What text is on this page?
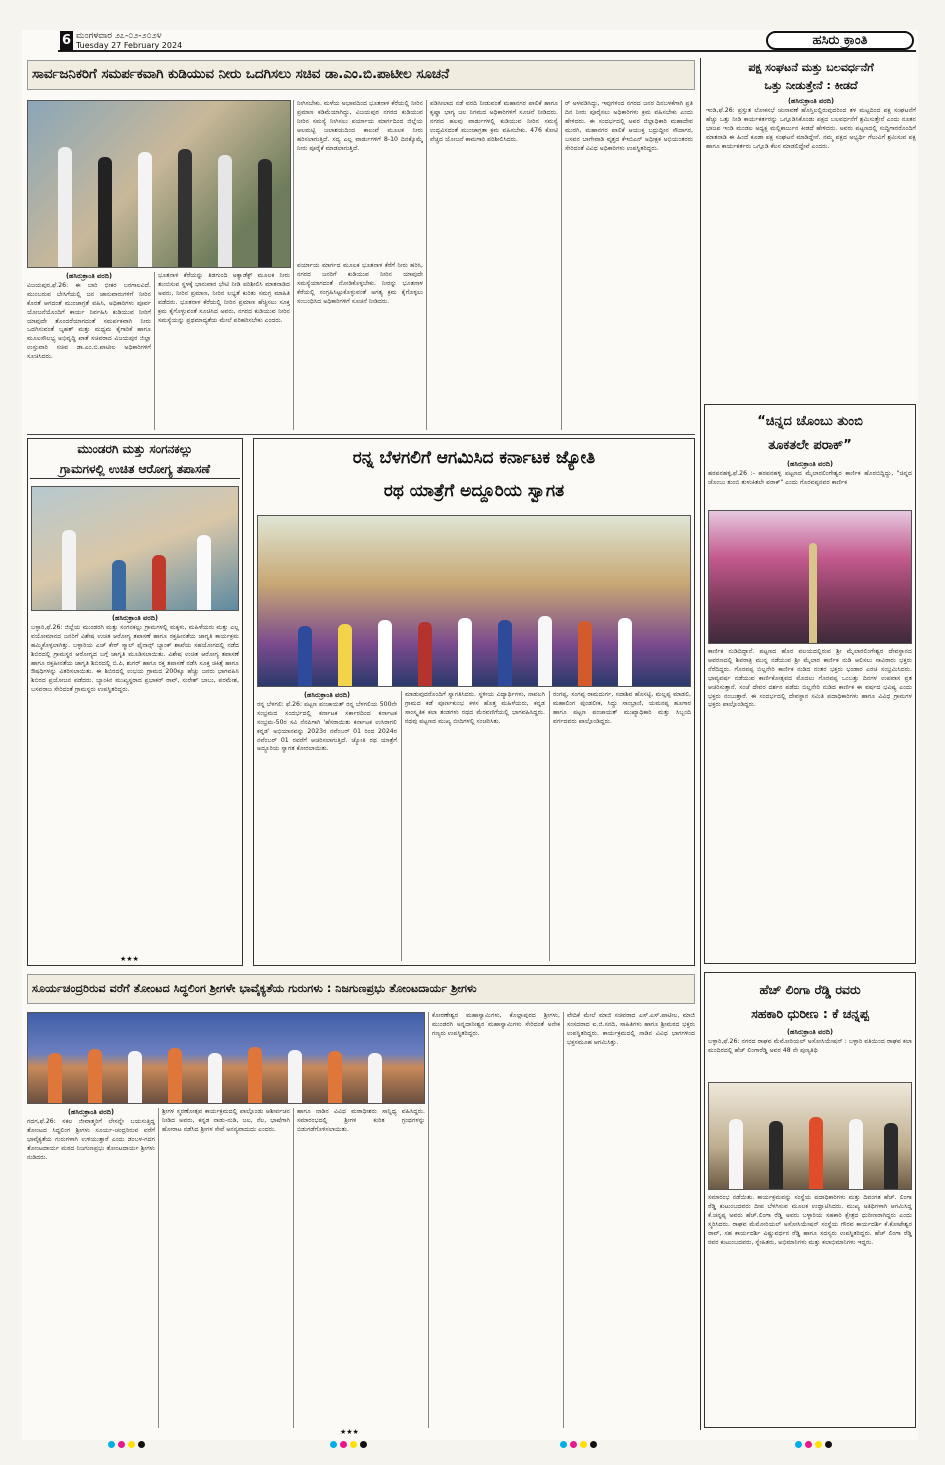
6 ಮಂಗಳವಾರ ೨೭-೦೨-೨೦೨೪
Tuesday 27 February 2024	ಹಸಿರು ಕ್ರಾಂತಿ
ಸಾರ್ವಜನಿಕರಿಗೆ ಸಮರ್ಪಕವಾಗಿ ಕುಡಿಯುವ ನೀರು ಒದಗಿಸಲು ಸಚಿವ ಡಾ.ಎಂ.ಬಿ.ಪಾಟೀಲ ಸೂಚನೆ
(ಹಸಿರುಕ್ರಾಂತಿ ವರದಿ)
ವಿಜಯಪುರ,ಫೆ.26: ಈ ಬಾರಿ ಭೀಕರ ಬರಗಾಲವಿದೆ. ಮುಂಬರುವ ಬೇಸಿಗೆಯಲ್ಲಿ ಜನ ಜಾನುವಾರುಗಳಿಗೆ ನೀರಿನ ಕೊರತೆ ಆಗದಂತೆ ಮುಂಜಾಗ್ರತೆ ವಹಿಸಿ, ಅಧಿಕಾರಿಗಳು ಪೂರ್ವ ಯೋಜನೆಯೊಂದಿಗೆ ಕಾರ್ಯ ನಿರ್ವಹಿಸಿ ಕುಡಿಯುವ ನೀರಿಗೆ ಯಾವುದೇ ತೊಂದರೆಯಾಗದಂತೆ ಸಮರ್ಪಕವಾಗಿ ನೀರು ಒದಗಿಸುವಂತೆ ಬೃಹತ್ ಮತ್ತು ಮಧ್ಯಮ ಕೈಗಾರಿಕೆ ಹಾಗೂ ಮೂಲಸೌಲಭ್ಯ ಅಭಿವೃದ್ಧಿ ಖಾತೆ ಸಚಿವರಾದ ವಿಜಯಪುರ ಜಿಲ್ಲಾ ಉಸ್ತುವಾರಿ ಸಚಿವ ಡಾ.ಎಂ.ಬಿ.ಪಾಟೀಲ ಅಧಿಕಾರಿಗಳಿಗೆ ಸೂಚಿಸಿದರು.
ಭೂತನಾಳ ಕೆರೆಯನ್ನು ತಿಡಗುಂದಿ ಅಕ್ವಾಡೆಕ್ಟ್ ಮೂಲಕ ನೀರು ತುಂಬಿಸುವ ಸ್ಥಳಕ್ಕೆ ಭಾನುವಾರ ಭೇಟಿ ನೀಡಿ ಪರಿಶೀಲಿಸಿ ಮಾತನಾಡಿದ ಅವರು, ನೀರಿನ ಪ್ರಮಾಣ, ನೀರಿನ ಲಭ್ಯತೆ ಕುರಿತು ಸಮಗ್ರ ಮಾಹಿತಿ ಪಡೆದರು. ಭೂತನಾಳ ಕೆರೆಯಲ್ಲಿ ನೀರಿನ ಪ್ರಮಾಣ ಹೆಚ್ಚಿಸಲು ಸೂಕ್ತ ಕ್ರಮ ಕೈಗೊಳ್ಳುವಂತೆ ಸೂಚಿಸಿದ ಅವರು, ನಗರದ ಕುಡಿಯುವ ನೀರಿನ ಸಮಸ್ಯೆಯನ್ನು ಪ್ರಥಮಾದ್ಯತೆಯ ಮೇಲೆ ಪರಿಹರಿಸಬೇಕು ಎಂದರು.
ನೀಗಿಸಬೇಕು. ಮಳೆಯ ಅಭಾವದಿಂದ ಭೂತನಾಳ ಕೆರೆಯಲ್ಲಿ ನೀರಿನ ಪ್ರಮಾಣ ಕಡಿಮೆಯಾಗಿದ್ದು, ವಿಜಯಪುರ ನಗರದ ಕುಡಿಯುವ ನೀರಿನ ಸಮಸ್ಯೆ ನೀಗಿಸಲು ಪರ್ಯಾಯ ಮಾರ್ಗದಿಂದ ಜಿಲ್ಲೆಯ ಆಲಮಟ್ಟಿ ಜಲಾಶಯದಿಂದ ಕಾಲುವೆ ಮೂಲಕ ನೀರು ಹರಿಸಲಾಗುತ್ತಿದೆ. ಸದ್ಯ ಎಲ್ಲ ವಾರ್ಡುಗಳಿಗೆ 8-10 ದಿನಕ್ಕೊಮ್ಮೆ ನೀರು ಪೂರೈಕೆ ಮಾಡಲಾಗುತ್ತಿದೆ.
ಪರ್ಯಾಯ ಮಾರ್ಗದ ಮೂಲಕ ಭೂತನಾಳ ಕೆರೆಗೆ ನೀರು ಹರಿಸಿ, ನಗರದ ಜನರಿಗೆ ಕುಡಿಯುವ ನೀರಿನ ಯಾವುದೇ ಸಮಸ್ಯೆಯಾಗದಂತೆ ನೋಡಿಕೊಳ್ಳಬೇಕು. ನೀರನ್ನು ಭೂತನಾಳ ಕೆರೆಯಲ್ಲಿ ಸಂಗ್ರಹಿಸಿಟ್ಟುಕೊಳ್ಳುವಂತೆ ಅಗತ್ಯ ಕ್ರಮ ಕೈಗೊಳ್ಳಲು ಸಂಬಂಧಿಸಿದ ಅಧಿಕಾರಿಗಳಿಗೆ ಸೂಚನೆ ನೀಡಿದರು.
ಪಡಿಸೀಲಾದ ನಡೆ ವರದಿ ನೀಡುವಂತೆ ಮಹಾನಗರ ಪಾಲಿಕೆ ಹಾಗೂ ಕೃಷ್ಣಾ ಭಾಗ್ಯ ಜಲ ನಿಗಮದ ಅಧಿಕಾರಿಗಳಿಗೆ ಸೂಚನೆ ನೀಡಿದರು. ನಗರದ ಹಲವು ವಾರ್ಡುಗಳಲ್ಲಿ ಕುಡಿಯುವ ನೀರಿನ ಸಮಸ್ಯೆ ಉದ್ಭವಿಸದಂತೆ ಮುಂಜಾಗ್ರತಾ ಕ್ರಮ ವಹಿಸಬೇಕು. 476 ಕೋಟಿ ವೆಚ್ಚದ ಯೋಜನೆ ಕಾಮಗಾರಿ ಪರಿಶೀಲಿಸಿದರು.
ರ್ ಅಳವಡಿಸಿದ್ದು, ಇವುಗಳಿಂದ ನಗರದ ಜನರ ದಿನಬಳಕೆಗಾಗಿ ಪ್ರತಿ ದಿನ ನೀರು ಪೂರೈಸಲು ಅಧಿಕಾರಿಗಳು ಕ್ರಮ ವಹಿಸಬೇಕು ಎಂದು ಹೇಳಿದರು. ಈ ಸಂದರ್ಭದಲ್ಲಿ ಅಪರ ಜಿಲ್ಲಾಧಿಕಾರಿ ಮಹಾದೇವ ಮುರಗಿ, ಮಹಾನಗರ ಪಾಲಿಕೆ ಆಯುಕ್ತ ಬದ್ರುದ್ದೀನ ಸೌದಾಗರ, ಬಸವನ ಬಾಗೇವಾಡಿ ವೃತ್ತದ ಕೆಇಬಿಎನ್ ಅಧೀಕ್ಷಕ ಅಭಿಯಂತರರು ಸೇರಿದಂತೆ ವಿವಿಧ ಅಧಿಕಾರಿಗಳು ಉಪಸ್ಥಿತರಿದ್ದರು.
ಮುಂಡರಗಿ ಮತ್ತು ಸಂಗನಕಲ್ಲು
ಗ್ರಾಮಗಳಲ್ಲಿ ಉಚಿತ ಆರೋಗ್ಯ ತಪಾಸಣೆ
(ಹಸಿರುಕ್ರಾಂತಿ ವರದಿ)
ಬಳ್ಳಾರಿ,ಫೆ.26: ಜಿಲ್ಲೆಯ ಮುಂಡರಗಿ ಮತ್ತು ಸಂಗನಕಲ್ಲು ಗ್ರಾಮಗಳಲ್ಲಿ ಮಕ್ಕಳು, ಮಹಿಳೆಯರು ಮತ್ತು ಎಲ್ಲ ವಯೋಮಾನದ ಜನರಿಗೆ ವಿಶೇಷ ಉಚಿತ ಆರೋಗ್ಯ ತಪಾಸಣೆ ಹಾಗೂ ರಕ್ತಹೀನತೆಯ ಜಾಗೃತಿ ಕಾರ್ಯಕ್ರಮ ಹಮ್ಮಿಕೊಳ್ಳಲಾಗಿತ್ತು. ಬಳ್ಳಾರಿಯ ಎಚ್ ಕೇರ್ ಸ್ಮಾಲ್ ಫೈನಾನ್ಸ್ ಬ್ಯಾಂಕ್ ಶಾಖೆಯ ಸಹಯೋಗದಲ್ಲಿ ನಡೆದ ಶಿಬಿರದಲ್ಲಿ ಗ್ರಾಮಸ್ಥರ ಆರೋಗ್ಯದ ಬಗ್ಗೆ ಜಾಗೃತಿ ಮೂಡಿಸಲಾಯಿತು. ವಿಶೇಷ ಉಚಿತ ಆರೋಗ್ಯ ತಪಾಸಣೆ ಹಾಗೂ ರಕ್ತಹೀನತೆಯ ಜಾಗೃತಿ ಶಿಬಿರದಲ್ಲಿ ಬಿ.ಪಿ, ಶುಗರ್ ಹಾಗೂ ರಕ್ತ ತಪಾಸಣೆ ನಡೆಸಿ ಸೂಕ್ತ ಚಿಕಿತ್ಸೆ ಹಾಗೂ ಔಷಧಿಗಳನ್ನು ವಿತರಿಸಲಾಯಿತು. ಈ ಶಿಬಿರದಲ್ಲಿ ಉಭಯ ಗ್ರಾಮದ 200ಕ್ಕೂ ಹೆಚ್ಚು ಜನರು ಭಾಗವಹಿಸಿ ಶಿಬಿರದ ಪ್ರಯೋಜನ ಪಡೆದರು. ಬ್ಯಾಂಕಿನ ಮುಖ್ಯಸ್ಥರಾದ ಪ್ರಭಾಕರ್ ರಾವ್, ಸುರೇಶ್ ಬಾಬು, ಪರಮೇಶ, ಬಸವರಾಜ ಸೇರಿದಂತೆ ಗ್ರಾಮಸ್ಥರು ಉಪಸ್ಥಿತರಿದ್ದರು.
★★★
ರನ್ನ ಬೆಳಗಲಿಗೆ ಆಗಮಿಸಿದ ಕರ್ನಾಟಕ ಜ್ಯೋತಿ
ರಥ ಯಾತ್ರೆಗೆ ಅದ್ದೂರಿಯ ಸ್ವಾಗತ
(ಹಸಿರುಕ್ರಾಂತಿ ವರದಿ)
ರನ್ನ ಬೆಳಗಲಿ: ಫೆ.26: ಪಟ್ಟಣ ಪಂಚಾಯತ್ ರನ್ನ ಬೆಳಗಲಿಯ 500ನೇ ಸಂಭ್ರಮದ ಸಂದರ್ಭದಲ್ಲಿ ಕರ್ನಾಟಕ ಸರ್ಕಾರದಿಂದ ಕರ್ನಾಟಕ ಸಂಭ್ರಮ-50ರ ಸವಿ ನೆನಪಿಗಾಗಿ 'ಹೆಸರಾಯಿತು ಕರ್ನಾಟಕ ಉಸಿರಾಗಲಿ ಕನ್ನಡ' ಅಭಿಯಾನವನ್ನು 2023ರ ನವೆಂಬರ್ 01 ರಿಂದ 2024ರ ನವೆಂಬರ್ 01 ರವರೆಗೆ ಆಚರಿಸಲಾಗುತ್ತಿದೆ. ಜ್ಯೋತಿ ರಥ ಯಾತ್ರೆಗೆ ಅದ್ದೂರಿಯ ಸ್ವಾಗತ ಕೋರಲಾಯಿತು.
ಮಾಡುವುದರೊಂದಿಗೆ ಸ್ವಾಗತಿಸಿದರು. ಸ್ಥಳೀಯ ವಿದ್ಯಾರ್ಥಿಗಳು, ನಾವಲಗಿ ಗ್ರಾಮದ ಕಡೆ ಪೂರ್ಣಕುಂಭ ಕಳಸ ಹೊತ್ತ ಮಹಿಳೆಯರು, ಕನ್ನಡ ಸಾಂಸ್ಕೃತಿಕ ಕಲಾ ತಂಡಗಳು ರಥದ ಮೆರವಣಿಗೆಯಲ್ಲಿ ಭಾಗವಹಿಸಿದ್ದರು. ರಥವು ಪಟ್ಟಣದ ಮುಖ್ಯ ಬೀದಿಗಳಲ್ಲಿ ಸಂಚರಿಸಿತು.
ರಂಗಪ್ಪ, ಸಂಗಪ್ಪ ರಾಮದುರ್ಗ, ಸದಾಶಿವ ಹೊಸಟ್ಟಿ, ಮಲ್ಲಪ್ಪ ಮಾಡಲಿ, ಮಹಾಲಿಂಗ ಪುಂಡಲೀಕ, ಸಿದ್ದು ಸಾಂಬ್ರಾಣಿ, ಯಮನಪ್ಪ ಹೂಗಾರ ಹಾಗೂ ಪಟ್ಟಣ ಪಂಚಾಯತ್ ಮುಖ್ಯಾಧಿಕಾರಿ ಮತ್ತು ಸಿಬ್ಬಂದಿ ವರ್ಗದವರು ಪಾಲ್ಗೊಂಡಿದ್ದರು.
ಸೂರ್ಯಚಂದ್ರರಿರುವ ವರೆಗೆ ತೋಂಟದ ಸಿದ್ಧಲಿಂಗ ಶ್ರೀಗಳೇ ಭಾವೈಕ್ಯತೆಯ ಗುರುಗಳು : ನಿಜಗುಣಪ್ರಭು ತೋಂಟದಾರ್ಯ ಶ್ರೀಗಳು
(ಹಸಿರುಕ್ರಾಂತಿ ವರದಿ)
ಗದಗ,ಫೆ.26: ಸಕಲ ಜೀವಾತ್ಮರಿಗೆ ಲೇಸನ್ನೇ ಬಯಸುತ್ತಿದ್ದ ತೋಂಟದ ಸಿದ್ಧಲಿಂಗ ಶ್ರೀಗಳು ಸೂರ್ಯ-ಚಂದ್ರರಿರುವ ವರೆಗೆ ಭಾವೈಕ್ಯತೆಯ ಗುರುಗಳಾಗಿ ಉಳಿಯುತ್ತಾರೆ ಎಂದು ಡಂಬಳ-ಗದಗ ತೋಂಟದಾರ್ಯ ಮಠದ ನಿಜಗುಣಪ್ರಭು ತೋಂಟದಾರ್ಯ ಶ್ರೀಗಳು ನುಡಿದರು.
ಶ್ರೀಗಳ ಸ್ಮರಣೋತ್ಸವ ಕಾರ್ಯಕ್ರಮದಲ್ಲಿ ಪಾಲ್ಗೊಂಡು ಆಶೀರ್ವಚನ ನೀಡಿದ ಅವರು, ಕನ್ನಡ ನಾಡು-ನುಡಿ, ಜಲ, ನೆಲ, ಭಾಷೆಗಾಗಿ ಹೋರಾಟ ನಡೆಸಿದ ಶ್ರೀಗಳ ಸೇವೆ ಅನನ್ಯವಾದುದು ಎಂದರು.
ಹಾಗೂ ನಾಡಿನ ವಿವಿಧ ಮಠಾಧೀಶರು ಸಾನ್ನಿಧ್ಯ ವಹಿಸಿದ್ದರು. ಸಮಾರಂಭದಲ್ಲಿ ಶ್ರೀಗಳ ಕುರಿತ ಗ್ರಂಥಗಳನ್ನು ಬಿಡುಗಡೆಗೊಳಿಸಲಾಯಿತು.
ಕೋರಣೇಶ್ವರ ಮಹಾಸ್ವಾಮಿಗಳು, ಕೊಲ್ಲಾಪುರದ ಶ್ರೀಗಳು, ಮುಂಡರಗಿ ಅನ್ನದಾನೀಶ್ವರ ಮಹಾಸ್ವಾಮಿಗಳು ಸೇರಿದಂತೆ ಅನೇಕ ಗಣ್ಯರು ಉಪಸ್ಥಿತರಿದ್ದರು.
ವೇದಿಕೆ ಮೇಲೆ ಮಾಜಿ ಸಚಿವರಾದ ಎಸ್.ಎಸ್.ಪಾಟೀಲ, ಮಾಜಿ ಸಂಸದರಾದ ಐ.ಜಿ.ಸನದಿ, ಸಾಹಿತಿಗಳು ಹಾಗೂ ಶ್ರೀಮಠದ ಭಕ್ತರು ಉಪಸ್ಥಿತರಿದ್ದರು. ಕಾರ್ಯಕ್ರಮದಲ್ಲಿ ನಾಡಿನ ವಿವಿಧ ಭಾಗಗಳಿಂದ ಭಕ್ತಸಮೂಹ ಆಗಮಿಸಿತ್ತು.
ಪಕ್ಷ ಸಂಘಟನೆ ಮತ್ತು ಬಲವರ್ಧನೆಗೆ
ಒತ್ತು ನೀಡುತ್ತೇನೆ : ಕೀಡದೆ
(ಹಸಿರುಕ್ರಾಂತಿ ವರದಿ)
ಇಂಡಿ,ಫೆ.26: ಪ್ರಸ್ತುತ ಲೋಕಸಭೆ ಚುನಾವಣೆ ಹೊಸ್ತಿಲಲ್ಲಿರುವುದರಿಂದ ತಳ ಮಟ್ಟದಿಂದ ಪಕ್ಷ ಸಂಘಟನೆಗೆ ಹೆಚ್ಚು ಒತ್ತು ನೀಡಿ ಕಾರ್ಯಕರ್ತರನ್ನು ಒಗ್ಗೂಡಿಸಿಕೊಂಡು ಪಕ್ಷದ ಬಲವರ್ಧನೆಗೆ ಶ್ರಮಿಸುತ್ತೇನೆ ಎಂದು ನೂತನ ಭಾಜಪ ಇಂಡಿ ಮಂಡಲ ಅಧ್ಯಕ್ಷ ಮಲ್ಲಿಕಾರ್ಜುನ ಕೀಡದೆ ಹೇಳಿದರು. ಅವರು ಪಟ್ಟಣದಲ್ಲಿ ಸುದ್ದಿಗಾರರೊಂದಿಗೆ ಮಾತನಾಡಿ ಈ ಹಿಂದೆ ಕೂಡಾ ಪಕ್ಷ ಸಂಘಟನೆ ಮಾಡಿದ್ದೇನೆ. ನಮ್ಮ ಪಕ್ಷದ ಅಭ್ಯರ್ಥಿ ಗೆಲುವಿಗೆ ಶ್ರಮಿಸುವ ಪಕ್ಷ ಹಾಗೂ ಕಾರ್ಯಕರ್ತರು ಒಗ್ಗೂಡಿ ಕೆಲಸ ಮಾಡಲಿದ್ದೇವೆ ಎಂದರು.
“ಚಿನ್ನದ ಚೊಂಬು ತುಂಬಿ
ತೂಕತಲೇ ಪರಾಕ್”
(ಹಸಿರುಕ್ರಾಂತಿ ವರದಿ)
ಹರಪನಹಳ್ಳಿ,ಫೆ.26 :- ಹರಪನಹಳ್ಳಿ ಪಟ್ಟಣದ ಮೈಲಾರಲಿಂಗೇಶ್ವರ ಕಾರ್ಣಿಕ ಹೊರಬಿದ್ದಿದ್ದು, "ಚಿನ್ನದ ಚೊಂಬು ತುಂಬಿ ತುಳುಕಿತಲೇ ಪರಾಕ್" ಎಂದು ಗೊರವಪ್ಪನವರ ಕಾರ್ಣಿಕ
ಕಾರ್ಣಿಕ ನುಡಿದಿದ್ದಾನೆ. ಪಟ್ಟಣದ ಹೊರ ವಲಯದಲ್ಲಿರುವ ಶ್ರೀ ಮೈಲಾರಲಿಂಗೇಶ್ವರ ದೇವಸ್ಥಾನದ ಆವರಣದಲ್ಲಿ ಶಿವರಾತ್ರಿ ಮುನ್ನ ನಡೆಯುವ ಶ್ರೀ ಮೈಲಾರ ಕಾರ್ಣಿಕ ನುಡಿ ಆಲಿಸಲು ಸಾವಿರಾರು ಭಕ್ತರು ನೆರೆದಿದ್ದರು. ಗೊರವಪ್ಪ ಬಿಲ್ಲನೇರಿ ಕಾರ್ಣಿಕ ನುಡಿದ ನಂತರ ಭಕ್ತರು ಭಂಡಾರ ಎರಚಿ ಸಂಭ್ರಮಿಸಿದರು. ಭಾವ್ಯವರ್ಷ ನಡೆಯುವ ಕಾರ್ಣಿಕೋತ್ಸವದ ಮೊದಲು ಗೊರವಪ್ಪ ಒಂಬತ್ತು ದಿನಗಳ ಉಪವಾಸ ವ್ರತ ಆಚರಿಸುತ್ತಾನೆ. ಸಂಜೆ ದೇವರ ದರ್ಶನ ಪಡೆದು ಬಿಲ್ಲನೇರಿ ನುಡಿದ ಕಾರ್ಣಿಕ ಈ ವರ್ಷದ ಭವಿಷ್ಯ ಎಂದು ಭಕ್ತರು ನಂಬುತ್ತಾರೆ. ಈ ಸಂದರ್ಭದಲ್ಲಿ ದೇವಸ್ಥಾನ ಸಮಿತಿ ಪದಾಧಿಕಾರಿಗಳು ಹಾಗೂ ವಿವಿಧ ಗ್ರಾಮಗಳ ಭಕ್ತರು ಪಾಲ್ಗೊಂಡಿದ್ದರು.
ಹೆಚ್ ಲಿಂಗಾ ರೆಡ್ಡಿ ರವರು
ಸಹಕಾರಿ ಧುರೀಣ : ಕೆ ಚನ್ನಪ್ಪ
(ಹಸಿರುಕ್ರಾಂತಿ ವರದಿ)
ಬಳ್ಳಾರಿ,ಫೆ.26: ನಗರದ ರಾಘವ ಮೆಮೋರಿಯಲ್ ಅಸೋಸಿಯೇಷನ್ : ಬಳ್ಳಾರಿ ವತಿಯಿಂದ ರಾಘವ ಕಲಾ ಮಂದಿರದಲ್ಲಿ ಹೆಚ್ ಲಿಂಗಾರೆಡ್ಡಿ ಅವರ 48 ನೇ ಪುಣ್ಯತಿಥಿ
ಸಮಾರಂಭ ನಡೆಯಿತು. ಕಾರ್ಯಕ್ರಮವನ್ನು ಸಂಸ್ಥೆಯ ಪದಾಧಿಕಾರಿಗಳು ಮತ್ತು ದಿವಂಗತ ಹೆಚ್. ಲಿಂಗಾ ರೆಡ್ಡಿ ಕುಟುಂಬದವರು ದೀಪ ಬೆಳಗಿಸುವ ಮೂಲಕ ಉದ್ಘಾಟಿಸಿದರು. ಮುಖ್ಯ ಅತಿಥಿಗಳಾಗಿ ಆಗಮಿಸಿದ್ದ ಕೆ.ಚನ್ನಪ್ಪ ಅವರು ಹೆಚ್.ಲಿಂಗಾ ರೆಡ್ಡಿ ಅವರು ಬಳ್ಳಾರಿಯ ಸಹಕಾರಿ ಕ್ಷೇತ್ರದ ಧುರೀಣರಾಗಿದ್ದರು ಎಂದು ಸ್ಮರಿಸಿದರು. ರಾಘವ ಮೆಮೋರಿಯಲ್ ಅಸೋಸಿಯೇಷನ್ ಸಂಸ್ಥೆಯ ಗೌರವ ಕಾರ್ಯದರ್ಶಿ ಕೆ.ಕೋಟೇಶ್ವರ ರಾವ್, ಸಹ ಕಾರ್ಯದರ್ಶಿ ವಿಷ್ಣುವರ್ಧನ ರೆಡ್ಡಿ ಹಾಗೂ ಸದಸ್ಯರು ಉಪಸ್ಥಿತರಿದ್ದರು. ಹೆಚ್ ಲಿಂಗಾ ರೆಡ್ಡಿ ರವರ ಕುಟುಂಬದವರು, ಸ್ನೇಹಿತರು, ಅಭಿಮಾನಿಗಳು ಮತ್ತು ಕಲಾಭಿಮಾನಿಗಳು ಇದ್ದರು.
★★★
